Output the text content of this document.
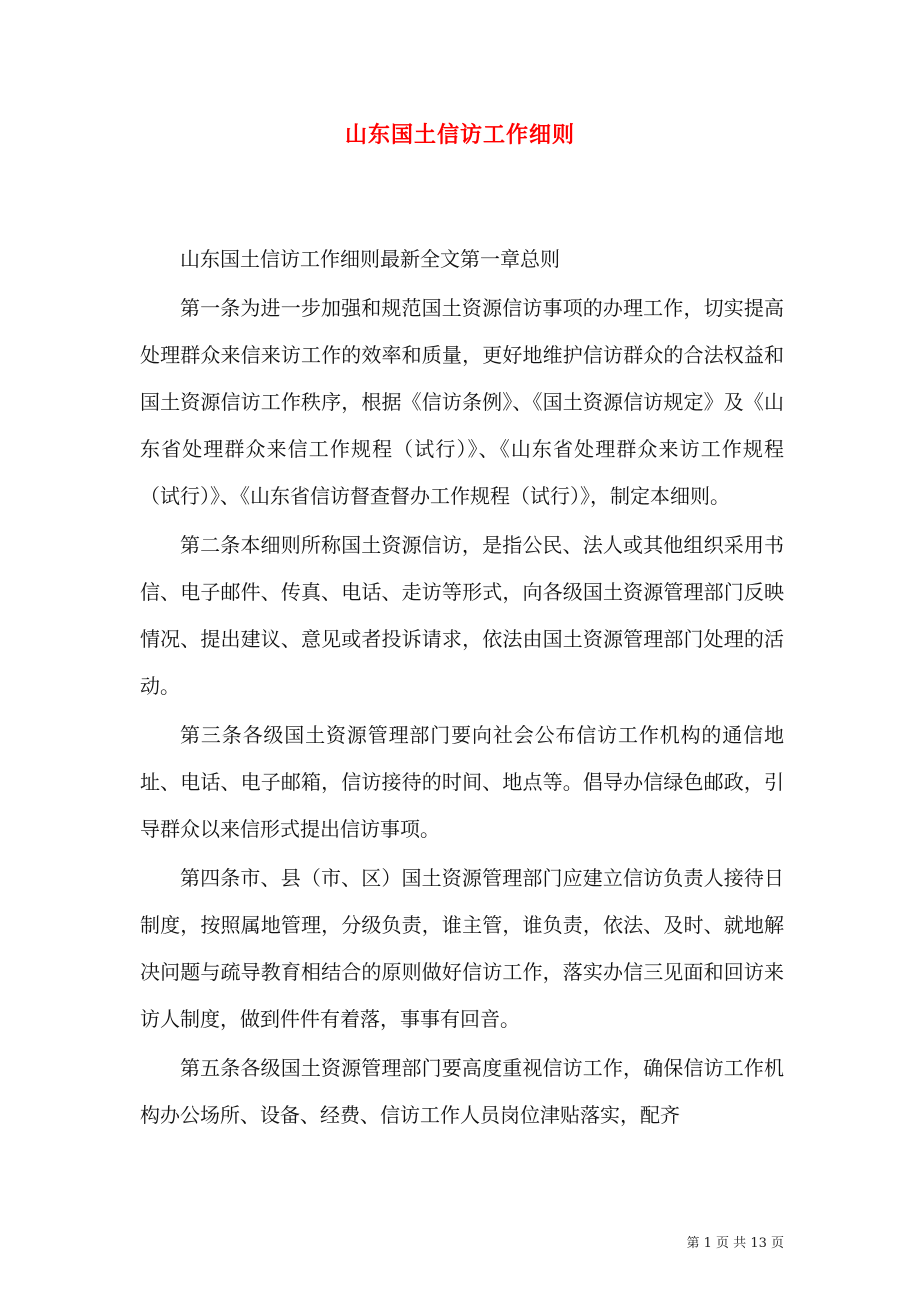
山东国土信访工作细则

山东国土信访工作细则最新全文第一章总则

第一条为进一步加强和规范国土资源信访事项的办理工作，切实提高处理群众来信来访工作的效率和质量，更好地维护信访群众的合法权益和国土资源信访工作秩序，根据《信访条例》、《国土资源信访规定》及《山东省处理群众来信工作规程（试行）》、《山东省处理群众来访工作规程（试行）》、《山东省信访督查督办工作规程（试行）》，制定本细则。

第二条本细则所称国土资源信访，是指公民、法人或其他组织采用书信、电子邮件、传真、电话、走访等形式，向各级国土资源管理部门反映情况、提出建议、意见或者投诉请求，依法由国土资源管理部门处理的活动。

第三条各级国土资源管理部门要向社会公布信访工作机构的通信地址、电话、电子邮箱，信访接待的时间、地点等。倡导办信绿色邮政，引导群众以来信形式提出信访事项。

第四条市、县（市、区）国土资源管理部门应建立信访负责人接待日制度，按照属地管理，分级负责，谁主管，谁负责，依法、及时、就地解决问题与疏导教育相结合的原则做好信访工作，落实办信三见面和回访来访人制度，做到件件有着落，事事有回音。

第五条各级国土资源管理部门要高度重视信访工作，确保信访工作机构办公场所、设备、经费、信访工作人员岗位津贴落实，配齐

第 1 页 共 13 页
